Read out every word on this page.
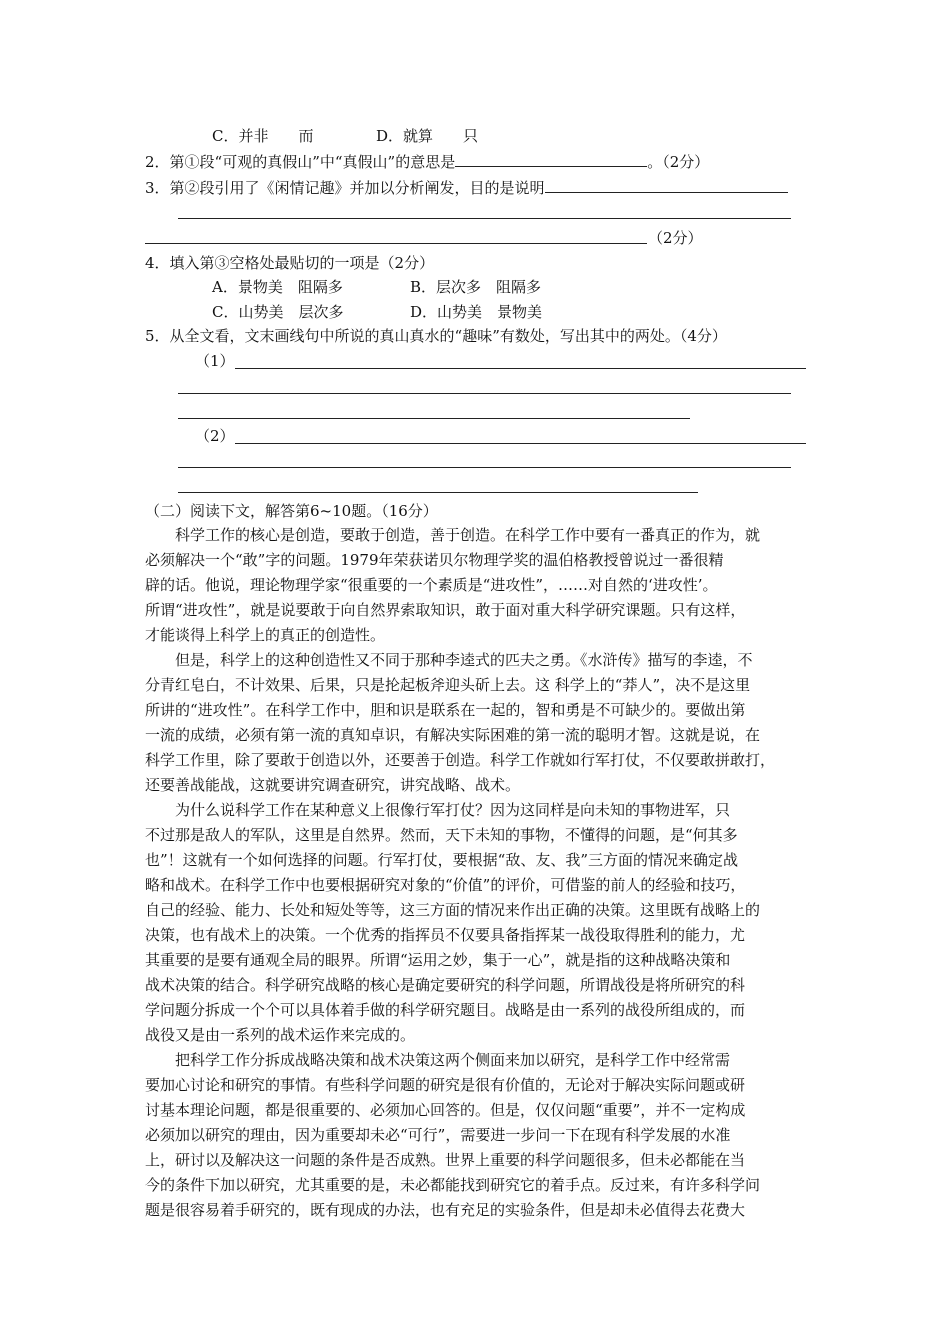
C．并非　　而	D．就算　　只
2．第①段“可观的真假山”中“真假山”的意思是	。（2分）
3．第②段引用了《闲情记趣》并加以分析阐发，目的是说明
（2分）
4．填入第③空格处最贴切的一项是（2分）
A．景物美　阻隔多	B．层次多　阻隔多
C．山势美　层次多	D．山势美　景物美
5．从全文看，文末画线句中所说的真山真水的“趣味”有数处，写出其中的两处。（4分）
（1）
（2）
（二）阅读下文，解答第6~10题。（16分）
　　科学工作的核心是创造，要敢于创造，善于创造。在科学工作中要有一番真正的作为，就
必须解决一个“敢”字的问题。1979年荣获诺贝尔物理学奖的温伯格教授曾说过一番很精
辟的话。他说，理论物理学家“很重要的一个素质是“进攻性”，……对自然的‘进攻性’。
所谓“进攻性”，就是说要敢于向自然界索取知识，敢于面对重大科学研究课题。只有这样，
才能谈得上科学上的真正的创造性。
　　但是，科学上的这种创造性又不同于那种李逵式的匹夫之勇。《水浒传》描写的李逵，不
分青红皂白，不计效果、后果，只是抡起板斧迎头斫上去。这 科学上的“莽人”，决不是这里
所讲的“进攻性”。在科学工作中，胆和识是联系在一起的，智和勇是不可缺少的。要做出第
一流的成绩，必须有第一流的真知卓识，有解决实际困难的第一流的聪明才智。这就是说，在
科学工作里，除了要敢于创造以外，还要善于创造。科学工作就如行军打仗，不仅要敢拼敢打，
还要善战能战，这就要讲究调查研究，讲究战略、战术。
　　为什么说科学工作在某种意义上很像行军打仗？因为这同样是向未知的事物进军，只
不过那是敌人的军队，这里是自然界。然而，天下未知的事物，不懂得的问题，是“何其多
也”！这就有一个如何选择的问题。行军打仗，要根据“敌、友、我”三方面的情况来确定战
略和战术。在科学工作中也要根据研究对象的“价值”的评价，可借鉴的前人的经验和技巧，
自己的经验、能力、长处和短处等等，这三方面的情况来作出正确的决策。这里既有战略上的
决策，也有战术上的决策。一个优秀的指挥员不仅要具备指挥某一战役取得胜利的能力，尤
其重要的是要有通观全局的眼界。所谓“运用之妙，集于一心”，就是指的这种战略决策和
战术决策的结合。科学研究战略的核心是确定要研究的科学问题，所谓战役是将所研究的科
学问题分拆成一个个可以具体着手做的科学研究题目。战略是由一系列的战役所组成的，而
战役又是由一系列的战术运作来完成的。
　　把科学工作分拆成战略决策和战术决策这两个侧面来加以研究，是科学工作中经常需
要加心讨论和研究的事情。有些科学问题的研究是很有价值的，无论对于解决实际问题或研
讨基本理论问题，都是很重要的、必须加心回答的。但是，仅仅问题“重要”，并不一定构成
必须加以研究的理由，因为重要却未必“可行”，需要进一步问一下在现有科学发展的水准
上，研讨以及解决这一问题的条件是否成熟。世界上重要的科学问题很多，但未必都能在当
今的条件下加以研究，尤其重要的是，未必都能找到研究它的着手点。反过来，有许多科学问
题是很容易着手研究的，既有现成的办法，也有充足的实验条件，但是却未必值得去花费大
